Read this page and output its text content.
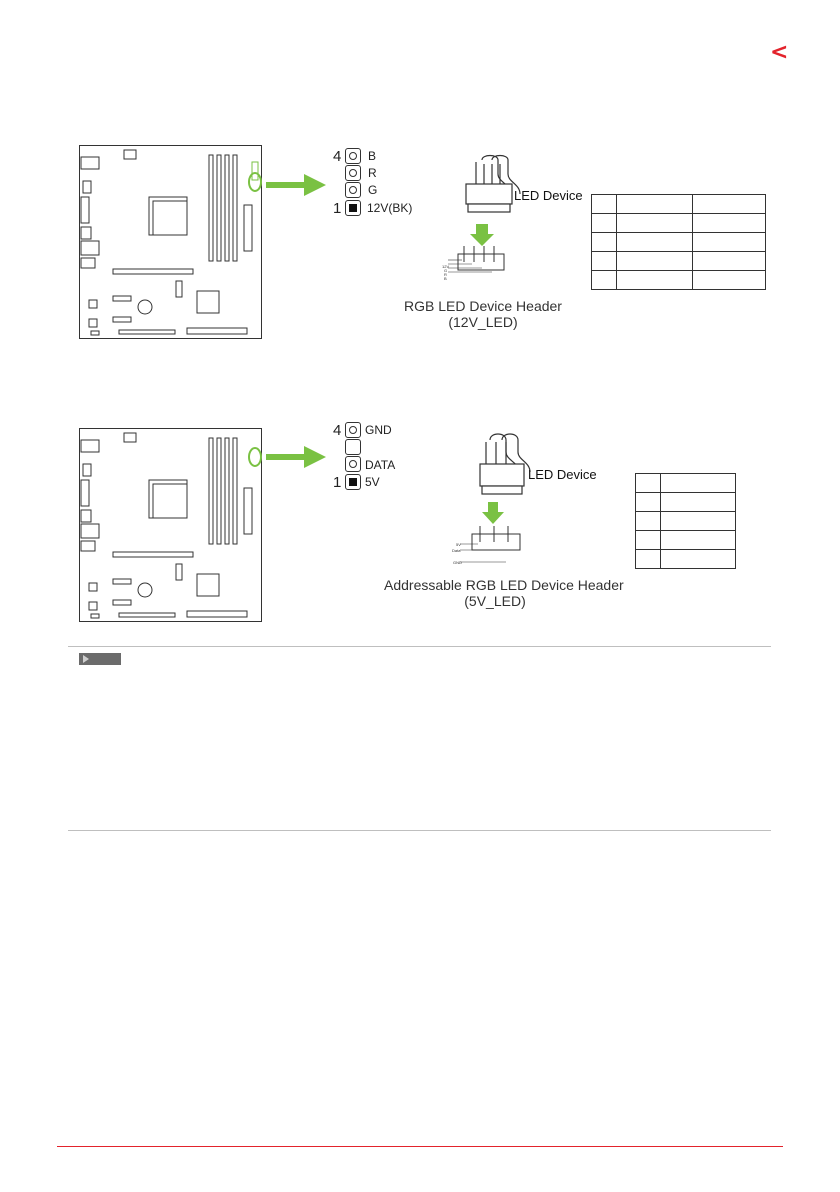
<
4
1
B
R
G
12V(BK)
12V
G
R
B
LED Device
RGB LED Device Header
(12V_LED)

4
1
GND
DATA
5V
5V
Data
GND
LED Device
Addressable RGB LED Device Header
(5V_LED)
